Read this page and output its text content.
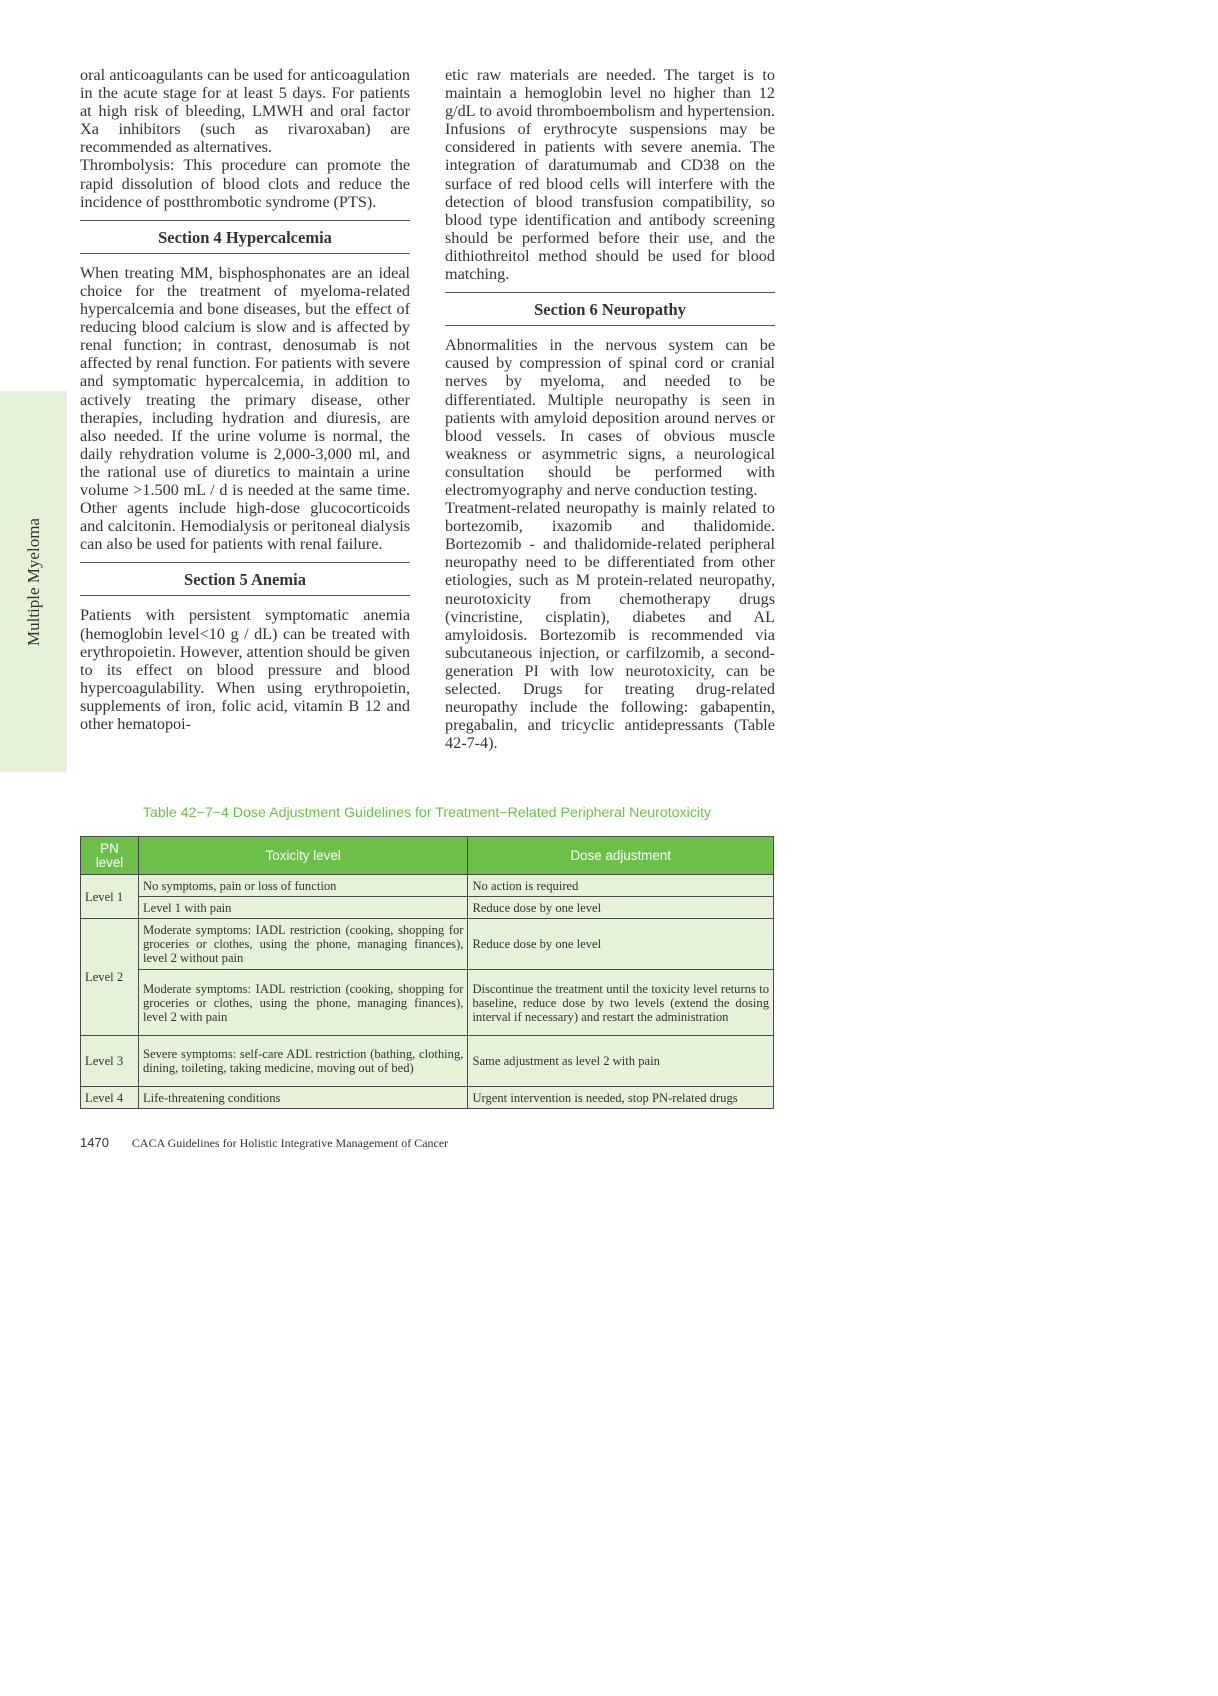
Multiple Myeloma

oral anticoagulants can be used for anticoagulation in the acute stage for at least 5 days. For patients at high risk of bleeding, LMWH and oral factor Xa inhibitors (such as rivaroxaban) are recommended as alternatives.

Thrombolysis: This procedure can promote the rapid dissolution of blood clots and reduce the incidence of postthrombotic syndrome (PTS).

Section 4 Hypercalcemia

When treating MM, bisphosphonates are an ideal choice for the treatment of myeloma-related hypercalcemia and bone diseases, but the effect of reducing blood calcium is slow and is affected by renal function; in contrast, denosumab is not affected by renal function. For patients with severe and symptomatic hypercalcemia, in addition to actively treating the primary disease, other therapies, including hydration and diuresis, are also needed. If the urine volume is normal, the daily rehydration volume is 2,000-3,000 ml, and the rational use of diuretics to maintain a urine volume >1.500 mL / d is needed at the same time. Other agents include high-dose glucocorticoids and calcitonin. Hemodialysis or peritoneal dialysis can also be used for patients with renal failure.

Section 5 Anemia

Patients with persistent symptomatic anemia (hemoglobin level<10 g / dL) can be treated with erythropoietin. However, attention should be given to its effect on blood pressure and blood hypercoagulability. When using erythropoietin, supplements of iron, folic acid, vitamin B 12 and other hematopoi-

etic raw materials are needed. The target is to maintain a hemoglobin level no higher than 12 g/dL to avoid thromboembolism and hypertension. Infusions of erythrocyte suspensions may be considered in patients with severe anemia. The integration of daratumumab and CD38 on the surface of red blood cells will interfere with the detection of blood transfusion compatibility, so blood type identification and antibody screening should be performed before their use, and the dithiothreitol method should be used for blood matching.

Section 6 Neuropathy

Abnormalities in the nervous system can be caused by compression of spinal cord or cranial nerves by myeloma, and needed to be differentiated. Multiple neuropathy is seen in patients with amyloid deposition around nerves or blood vessels. In cases of obvious muscle weakness or asymmetric signs, a neurological consultation should be performed with electromyography and nerve conduction testing.

Treatment-related neuropathy is mainly related to bortezomib, ixazomib and thalidomide. Bortezomib - and thalidomide-related peripheral neuropathy need to be differentiated from other etiologies, such as M protein-related neuropathy, neurotoxicity from chemotherapy drugs (vincristine, cisplatin), diabetes and AL amyloidosis. Bortezomib is recommended via subcutaneous injection, or carfilzomib, a second-generation PI with low neurotoxicity, can be selected. Drugs for treating drug-related neuropathy include the following: gabapentin, pregabalin, and tricyclic antidepressants (Table 42-7-4).

Table 42−7−4 Dose Adjustment Guidelines for Treatment−Related Peripheral Neurotoxicity
PN level	Toxicity level	Dose adjustment
Level 1	No symptoms, pain or loss of function	No action is required
	Level 1 with pain	Reduce dose by one level
Level 2	Moderate symptoms: IADL restriction (cooking, shopping for groceries or clothes, using the phone, managing finances), level 2 without pain	Reduce dose by one level
	Moderate symptoms: IADL restriction (cooking, shopping for groceries or clothes, using the phone, managing finances), level 2 with pain	Discontinue the treatment until the toxicity level returns to baseline, reduce dose by two levels (extend the dosing interval if necessary) and restart the administration
Level 3	Severe symptoms: self-care ADL restriction (bathing, clothing, dining, toileting, taking medicine, moving out of bed)	Same adjustment as level 2 with pain
Level 4	Life-threatening conditions	Urgent intervention is needed, stop PN-related drugs
1470 CACA Guidelines for Holistic Integrative Management of Cancer
